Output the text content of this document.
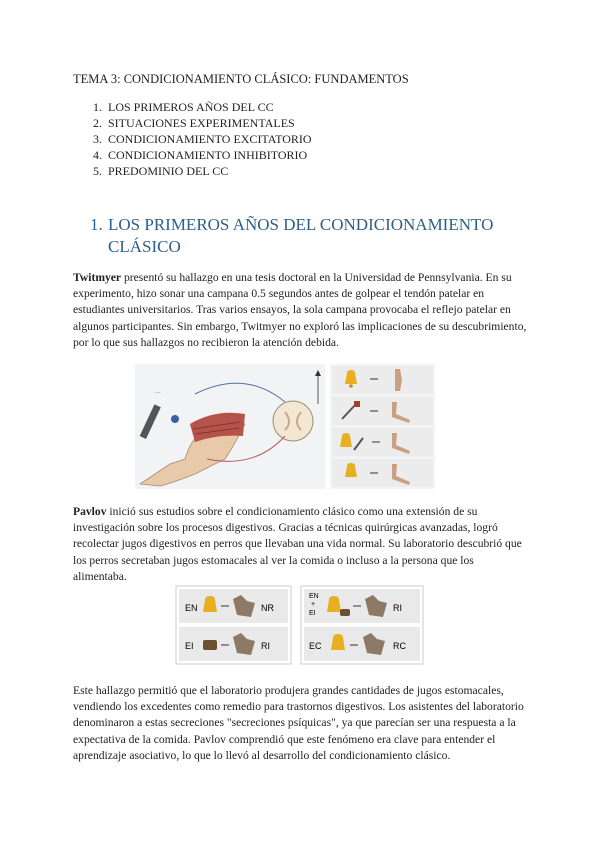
TEMA 3: CONDICIONAMIENTO CLÁSICO: FUNDAMENTOS
1. LOS PRIMEROS AÑOS DEL CC
2. SITUACIONES EXPERIMENTALES
3. CONDICIONAMIENTO EXCITATORIO
4. CONDICIONAMIENTO INHIBITORIO
5. PREDOMINIO DEL CC
1. LOS PRIMEROS AÑOS DEL CONDICIONAMIENTO CLÁSICO

Twitmyer presentó su hallazgo en una tesis doctoral en la Universidad de Pennsylvania. En su experimento, hizo sonar una campana 0.5 segundos antes de golpear el tendón patelar en estudiantes universitarios. Tras varios ensayos, la sola campana provocaba el reflejo patelar en algunos participantes. Sin embargo, Twitmyer no exploró las implicaciones de su descubrimiento, por lo que sus hallazgos no recibieron la atención debida.

····

Pavlov inició sus estudios sobre el condicionamiento clásico como una extensión de su investigación sobre los procesos digestivos. Gracias a técnicas quirúrgicas avanzadas, logró recolectar jugos digestivos en perros que llevaban una vida normal. Su laboratorio descubrió que los perros secretaban jugos estomacales al ver la comida o incluso a la persona que los alimentaba.

EN	NR
EI	RI
EN
+
EI
RI
EC	RC

Este hallazgo permitió que el laboratorio produjera grandes cantidades de jugos estomacales, vendiendo los excedentes como remedio para trastornos digestivos. Los asistentes del laboratorio denominaron a estas secreciones "secreciones psíquicas", ya que parecían ser una respuesta a la expectativa de la comida. Pavlov comprendió que este fenómeno era clave para entender el aprendizaje asociativo, lo que lo llevó al desarrollo del condicionamiento clásico.
